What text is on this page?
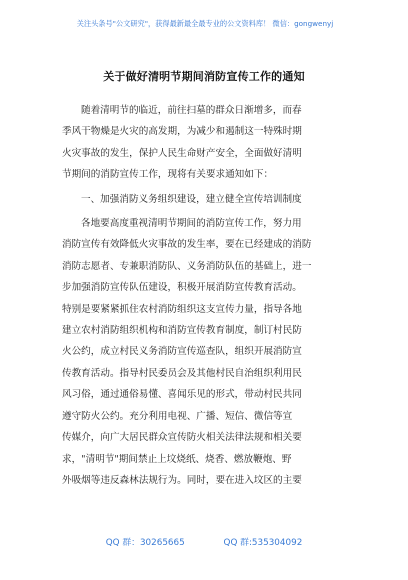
关注头条号"公文研究"，获得最新最全最专业的公文资料库！ 微信：gongwenyj
关于做好清明节期间消防宣传工作的通知

随着清明节的临近，前往扫墓的群众日渐增多，而春
季风干物燥是火灾的高发期，为减少和遏制这一特殊时期
火灾事故的发生，保护人民生命财产安全，全面做好清明
节期间的消防宣传工作，现将有关要求通知如下：

一、加强消防义务组织建设，建立健全宣传培训制度

各地要高度重视清明节期间的消防宣传工作，努力用
消防宣传有效降低火灾事故的发生率，要在已经建成的消防
消防志愿者、专兼职消防队、义务消防队伍的基础上，进一
步加强消防宣传队伍建设，积极开展消防宣传教育活动。
特别是要紧紧抓住农村消防组织这支宣传力量，指导各地
建立农村消防组织机构和消防宣传教育制度，制订村民防
火公约，成立村民义务消防宣传巡查队，组织开展消防宣
传教育活动。指导村民委员会及其他村民自治组织利用民
风习俗，通过通俗易懂、喜闻乐见的形式，带动村民共同
遵守防火公约。充分利用电视、广播、短信、微信等宣
传媒介，向广大居民群众宣传防火相关法律法规和相关要
求，"清明节"期间禁止上坟烧纸、烧香、燃放鞭炮、野
外吸烟等违反森林法规行为。同时，要在进入坟区的主要

QQ 群：30265665	QQ 群:535304092
